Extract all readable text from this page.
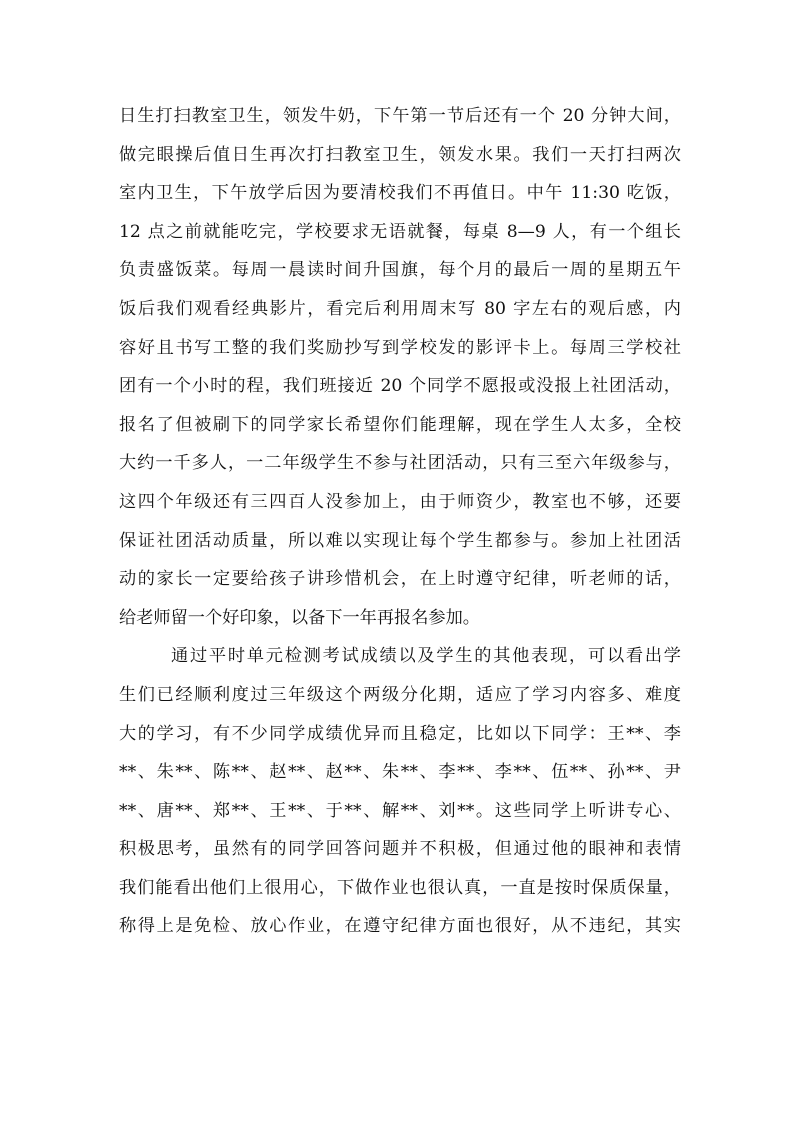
日生打扫教室卫生，领发牛奶，下午第一节后还有一个 20 分钟大间，
做完眼操后值日生再次打扫教室卫生，领发水果。我们一天打扫两次
室内卫生，下午放学后因为要清校我们不再值日。中午 11:30 吃饭，
12 点之前就能吃完，学校要求无语就餐，每桌 8—9 人，有一个组长
负责盛饭菜。每周一晨读时间升国旗，每个月的最后一周的星期五午
饭后我们观看经典影片，看完后利用周末写 80 字左右的观后感，内
容好且书写工整的我们奖励抄写到学校发的影评卡上。每周三学校社
团有一个小时的程，我们班接近 20 个同学不愿报或没报上社团活动，
报名了但被刷下的同学家长希望你们能理解，现在学生人太多，全校
大约一千多人，一二年级学生不参与社团活动，只有三至六年级参与，
这四个年级还有三四百人没参加上，由于师资少，教室也不够，还要
保证社团活动质量，所以难以实现让每个学生都参与。参加上社团活
动的家长一定要给孩子讲珍惜机会，在上时遵守纪律，听老师的话，
给老师留一个好印象，以备下一年再报名参加。
通过平时单元检测考试成绩以及学生的其他表现，可以看出学
生们已经顺利度过三年级这个两级分化期，适应了学习内容多、难度
大的学习，有不少同学成绩优异而且稳定，比如以下同学：王**、李
**、朱**、陈**、赵**、赵**、朱**、李**、李**、伍**、孙**、尹
**、唐**、郑**、王**、于**、解**、刘**。这些同学上听讲专心、
积极思考，虽然有的同学回答问题并不积极，但通过他的眼神和表情
我们能看出他们上很用心，下做作业也很认真，一直是按时保质保量，
称得上是免检、放心作业，在遵守纪律方面也很好，从不违纪，其实
